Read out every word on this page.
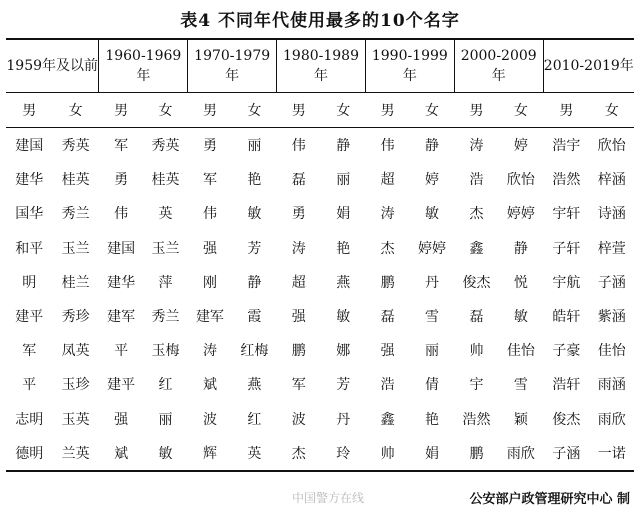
表4 不同年代使用最多的10个名字
1959年及以前		1960-1969年		1970-1979年		1980-1989年		1990-1999年		2000-2009年		2010-2019年	
男	女	男	女	男	女	男	女	男	女	男	女	男	女
建国	秀英	军	秀英	勇	丽	伟	静	伟	静	涛	婷	浩宇	欣怡
建华	桂英	勇	桂英	军	艳	磊	丽	超	婷	浩	欣怡	浩然	梓涵
国华	秀兰	伟	英	伟	敏	勇	娟	涛	敏	杰	婷婷	宇轩	诗涵
和平	玉兰	建国	玉兰	强	芳	涛	艳	杰	婷婷	鑫	静	子轩	梓萱
明	桂兰	建华	萍	刚	静	超	燕	鹏	丹	俊杰	悦	宇航	子涵
建平	秀珍	建军	秀兰	建军	霞	强	敏	磊	雪	磊	敏	皓轩	紫涵
军	凤英	平	玉梅	涛	红梅	鹏	娜	强	丽	帅	佳怡	子豪	佳怡
平	玉珍	建平	红	斌	燕	军	芳	浩	倩	宇	雪	浩轩	雨涵
志明	玉英	强	丽	波	红	波	丹	鑫	艳	浩然	颖	俊杰	雨欣
德明	兰英	斌	敏	辉	英	杰	玲	帅	娟	鹏	雨欣	子涵	一诺
中国警方在线	公安部户政管理研究中心 制
